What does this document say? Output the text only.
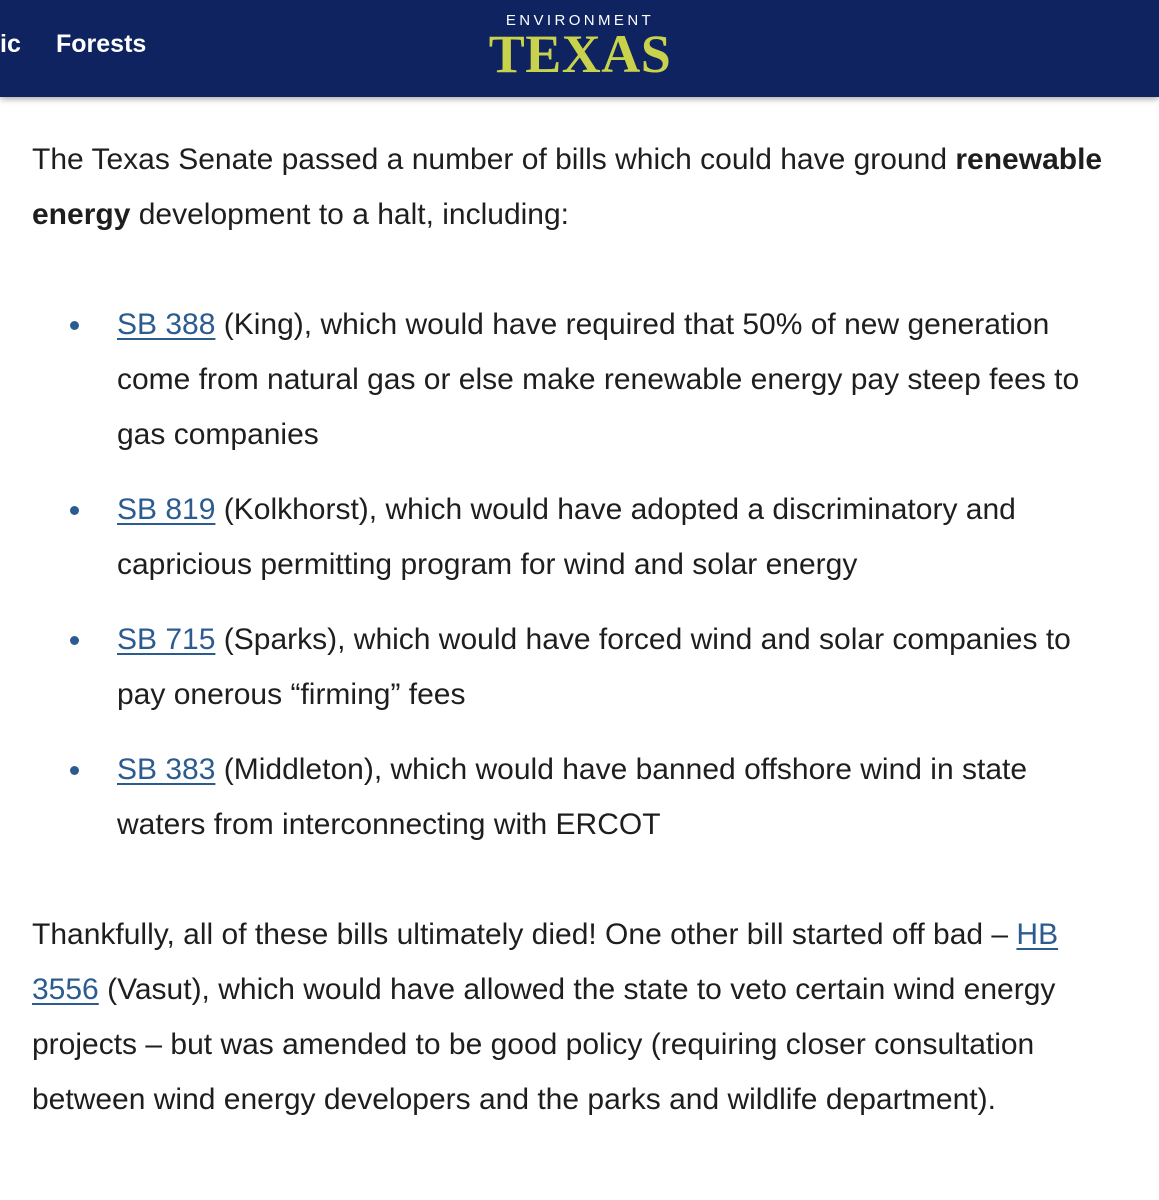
ic Forests
ENVIRONMENT
TEXAS

The Texas Senate passed a number of bills which could have ground renewable energy development to a halt, including:

SB 388 (King), which would have required that 50% of new generation come from natural gas or else make renewable energy pay steep fees to gas companies
SB 819 (Kolkhorst), which would have adopted a discriminatory and capricious permitting program for wind and solar energy
SB 715 (Sparks), which would have forced wind and solar companies to pay onerous “firming” fees
SB 383 (Middleton), which would have banned offshore wind in state waters from interconnecting with ERCOT

Thankfully, all of these bills ultimately died! One other bill started off bad – HB 3556 (Vasut), which would have allowed the state to veto certain wind energy projects – but was amended to be good policy (requiring closer consultation between wind energy developers and the parks and wildlife department).
